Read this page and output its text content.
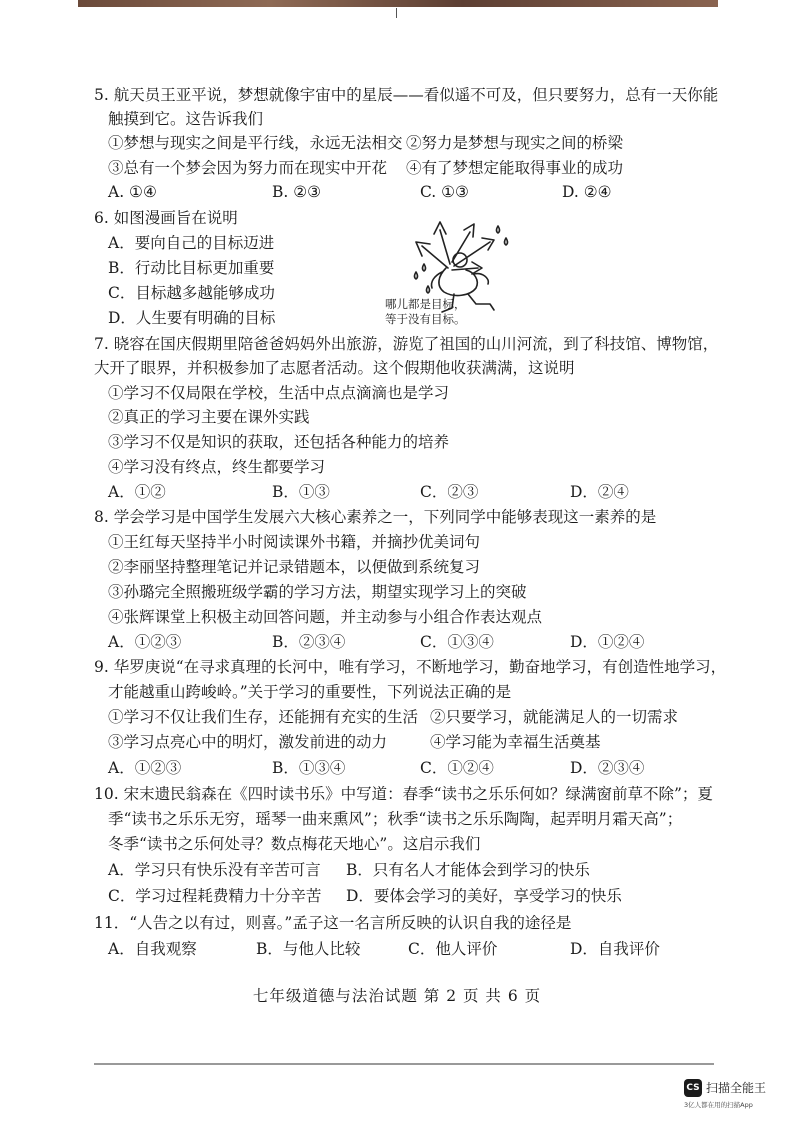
5. 航天员王亚平说，梦想就像宇宙中的星辰——看似遥不可及，但只要努力，总有一天你能
触摸到它。这告诉我们
①梦想与现实之间是平行线，永远无法相交 ②努力是梦想与现实之间的桥梁
③总有一个梦会因为努力而在现实中开花 ④有了梦想定能取得事业的成功
A. ①④	B. ②③	C. ①③	D. ②④
6. 如图漫画旨在说明
A．要向自己的目标迈进
B．行动比目标更加重要
C．目标越多越能够成功
D．人生要有明确的目标
哪儿都是目标，
等于没有目标。
7. 晓容在国庆假期里陪爸爸妈妈外出旅游，游览了祖国的山川河流，到了科技馆、博物馆，
大开了眼界，并积极参加了志愿者活动。这个假期他收获满满，这说明
①学习不仅局限在学校，生活中点点滴滴也是学习
②真正的学习主要在课外实践
③学习不仅是知识的获取，还包括各种能力的培养
④学习没有终点，终生都要学习
A．①②	B．①③	C．②③	D．②④
8. 学会学习是中国学生发展六大核心素养之一，下列同学中能够表现这一素养的是
①王红每天坚持半小时阅读课外书籍，并摘抄优美词句
②李丽坚持整理笔记并记录错题本，以便做到系统复习
③孙璐完全照搬班级学霸的学习方法，期望实现学习上的突破
④张辉课堂上积极主动回答问题，并主动参与小组合作表达观点
A．①②③	B．②③④	C．①③④	D．①②④
9. 华罗庚说“在寻求真理的长河中，唯有学习，不断地学习，勤奋地学习，有创造性地学习，
才能越重山跨峻岭。”关于学习的重要性，下列说法正确的是
①学习不仅让我们生存，还能拥有充实的生活 ②只要学习，就能满足人的一切需求
③学习点亮心中的明灯，激发前进的动力	④学习能为幸福生活奠基
A．①②③	B．①③④	C．①②④	D．②③④
10. 宋末遗民翁森在《四时读书乐》中写道：春季“读书之乐乐何如？绿满窗前草不除”；夏
季“读书之乐乐无穷，瑶琴一曲来熏风”；秋季“读书之乐乐陶陶，起弄明月霜天高”；
冬季“读书之乐何处寻？数点梅花天地心”。这启示我们
A．学习只有快乐没有辛苦可言 B．只有名人才能体会到学习的快乐
C．学习过程耗费精力十分辛苦 D．要体会学习的美好，享受学习的快乐
11．“人告之以有过，则喜。”孟子这一名言所反映的认识自我的途径是
A．自我观察	B．与他人比较	C．他人评价	D．自我评价
七年级道德与法治试题 第 2 页 共 6 页
CS 扫描全能王
3亿人都在用的扫描App
